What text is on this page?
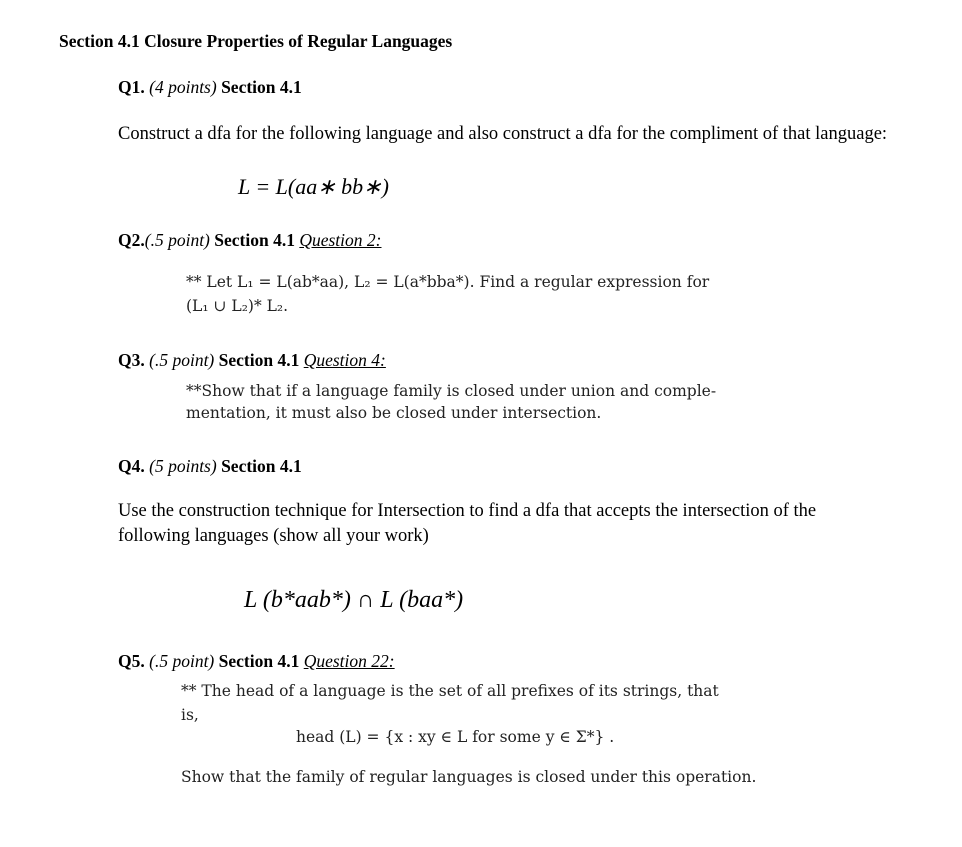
Section 4.1 Closure Properties of Regular Languages
Q1. (4 points) Section 4.1
Construct a dfa for the following language and also construct a dfa for the compliment of that language:
L = L(aa∗ bb∗)
Q2.(.5 point) Section 4.1 Question 2:
** Let L₁ = L(ab*aa), L₂ = L(a*bba*). Find a regular expression for
(L₁ ∪ L₂)* L₂.
Q3. (.5 point) Section 4.1 Question 4:
**Show that if a language family is closed under union and comple-
mentation, it must also be closed under intersection.
Q4. (5 points) Section 4.1
Use the construction technique for Intersection to find a dfa that accepts the intersection of the
following languages (show all your work)
L (b*aab*) ∩ L (baa*)
Q5. (.5 point) Section 4.1 Question 22:
** The head of a language is the set of all prefixes of its strings, that
is,
head (L) = {x : xy ∈ L for some y ∈ Σ*} .
Show that the family of regular languages is closed under this operation.
